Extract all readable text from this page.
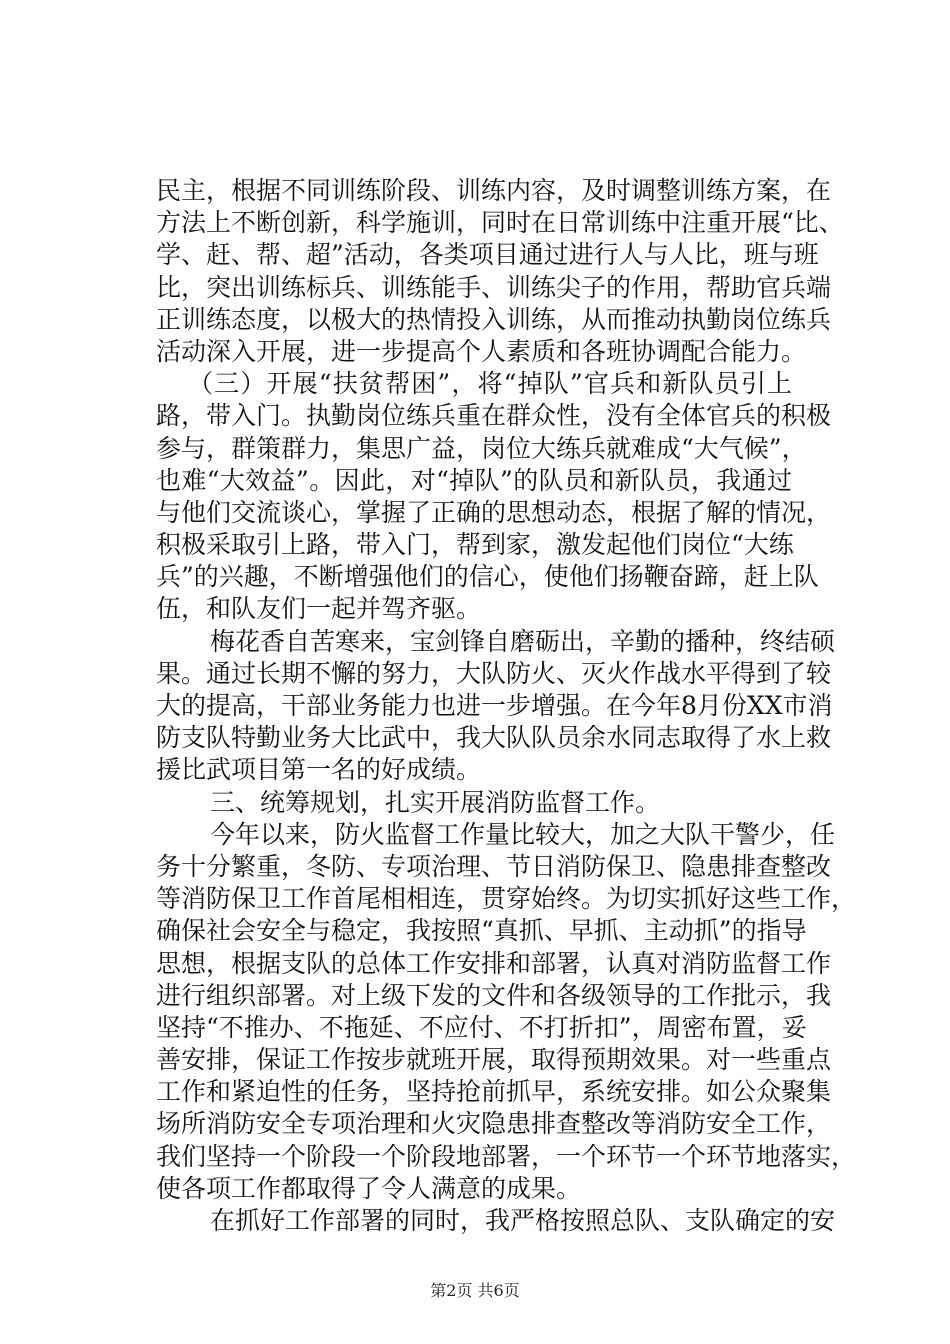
民主，根据不同训练阶段、训练内容，及时调整训练方案，在
方法上不断创新，科学施训，同时在日常训练中注重开展“比、
学、赶、帮、超”活动，各类项目通过进行人与人比，班与班
比，突出训练标兵、训练能手、训练尖子的作用，帮助官兵端
正训练态度，以极大的热情投入训练，从而推动执勤岗位练兵
活动深入开展，进一步提高个人素质和各班协调配合能力。
（三）开展“扶贫帮困”，将“掉队”官兵和新队员引上
路，带入门。执勤岗位练兵重在群众性，没有全体官兵的积极
参与，群策群力，集思广益，岗位大练兵就难成“大气候”，
也难“大效益”。因此，对“掉队”的队员和新队员，我通过
与他们交流谈心，掌握了正确的思想动态，根据了解的情况，
积极采取引上路，带入门，帮到家，激发起他们岗位“大练
兵”的兴趣，不断增强他们的信心，使他们扬鞭奋蹄，赶上队
伍，和队友们一起并驾齐驱。
梅花香自苦寒来，宝剑锋自磨砺出，辛勤的播种，终结硕
果。通过长期不懈的努力，大队防火、灭火作战水平得到了较
大的提高，干部业务能力也进一步增强。在今年8月份XX市消
防支队特勤业务大比武中，我大队队员余水同志取得了水上救
援比武项目第一名的好成绩。
三、统筹规划，扎实开展消防监督工作。
今年以来，防火监督工作量比较大，加之大队干警少，任
务十分繁重，冬防、专项治理、节日消防保卫、隐患排查整改
等消防保卫工作首尾相相连，贯穿始终。为切实抓好这些工作，
确保社会安全与稳定，我按照“真抓、早抓、主动抓”的指导
思想，根据支队的总体工作安排和部署，认真对消防监督工作
进行组织部署。对上级下发的文件和各级领导的工作批示，我
坚持“不推办、不拖延、不应付、不打折扣”，周密布置，妥
善安排，保证工作按步就班开展，取得预期效果。对一些重点
工作和紧迫性的任务，坚持抢前抓早，系统安排。如公众聚集
场所消防安全专项治理和火灾隐患排查整改等消防安全工作，
我们坚持一个阶段一个阶段地部署，一个环节一个环节地落实，
使各项工作都取得了令人满意的成果。
在抓好工作部署的同时，我严格按照总队、支队确定的安
第2页 共6页
